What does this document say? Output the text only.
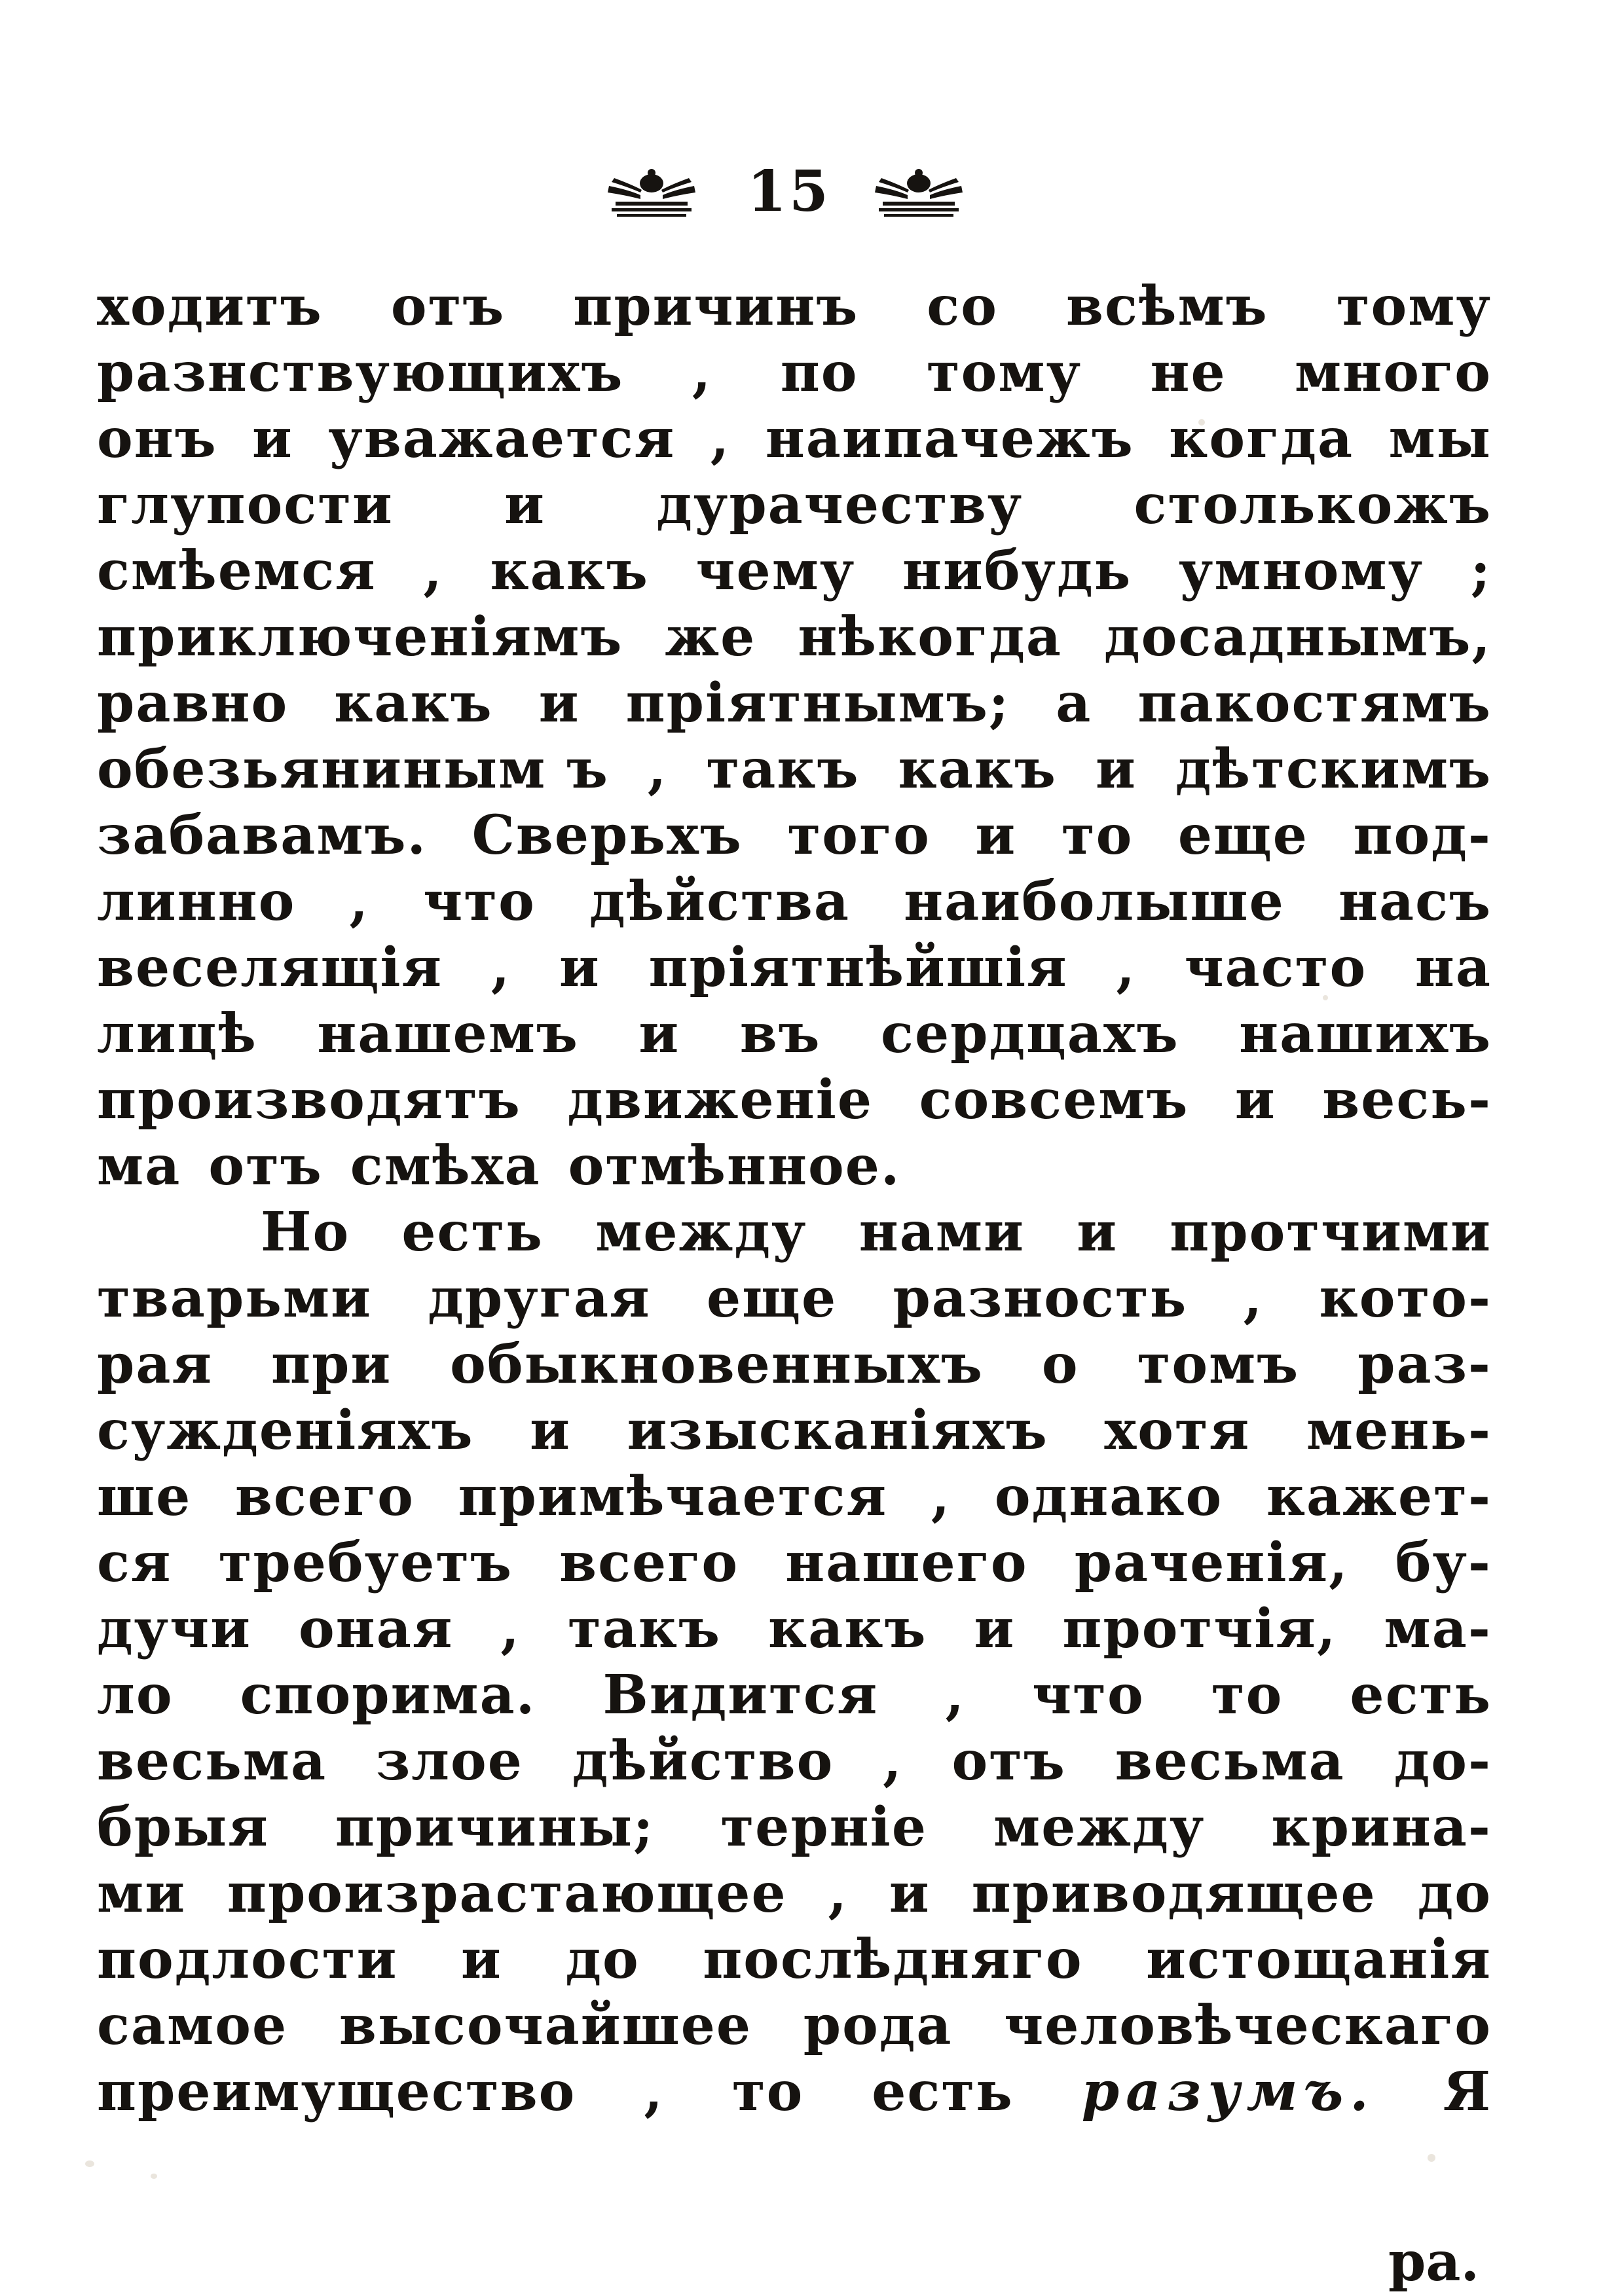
15
ходитъ отъ причинъ со всѣмъ тому
разнствующихъ , по тому не много
онъ и уважается , наипачежъ когда мы
глупости и дурачеству столькожъ
смѣемся , какъ чему нибудь умному ;
приключеніямъ же нѣкогда досаднымъ,
равно какъ и пріятнымъ; а пакостямъ
обезьяниным ъ , такъ какъ и дѣтскимъ
забавамъ. Сверьхъ того и то еще под-
линно , что дѣйства наиболыше насъ
веселящія , и пріятнѣйшія , часто на
лицѣ нашемъ и въ сердцахъ нашихъ
производятъ движеніе совсемъ и весь-
ма отъ смѣха отмѣнное.
Но есть между нами и протчими
тварьми другая еще разность , кото-
рая при обыкновенныхъ о томъ раз-
сужденіяхъ и изысканіяхъ хотя мень-
ше всего примѣчается , однако кажет-
ся требуетъ всего нашего раченія, бу-
дучи оная , такъ какъ и протчія, ма-
ло спорима. Видится , что то есть
весьма злое дѣйство , отъ весьма до-
брыя причины; терніе между крина-
ми произрастающее , и приводящее до
подлости и до послѣдняго истощанія
самое высочайшее рода человѣческаго
преимущество , то есть разумъ. Я
ра.
